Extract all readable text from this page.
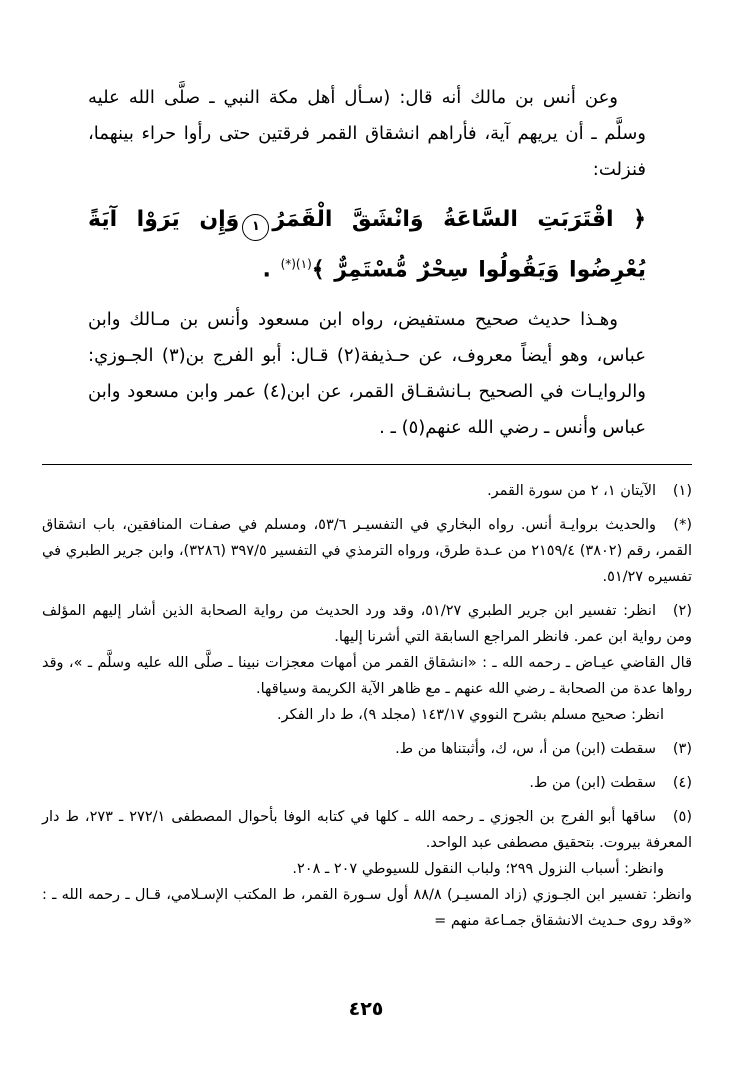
وعن أنس بن مالك أنه قال: (سـأل أهل مكة النبي ـ صلَّى الله عليه وسلَّم ـ أن يريهم آية، فأراهم انشقاق القمر فرقتين حتى رأوا حراء بينهما، فنزلت:

﴿ اقْتَرَبَتِ السَّاعَةُ وَانْشَقَّ الْقَمَرُ١وَإِن يَرَوْا آيَةً يُعْرِضُوا وَيَقُولُوا سِحْرٌ مُّسْتَمِرٌّ ﴾$^{(١)(*)}$ .

وهـذا حديث صحيح مستفيض، رواه ابن مسعود وأنس بن مـالك وابن عباس، وهو أيضاً معروف، عن حـذيفة(٢) قـال: أبو الفرج بن(٣) الجـوزي: والروايـات في الصحيح بـانشقـاق القمر، عن ابن(٤) عمر وابن مسعود وابن عباس وأنس ـ رضي الله عنهم(٥) ـ .

(١)الآيتان ١، ٢ من سورة القمر.

(*)والحديث بروايـة أنس. رواه البخاري في التفسيـر ٥٣/٦، ومسلم في صفـات المنافقين، باب انشقاق القمر، رقم (٣٨٠٢) ٢١٥٩/٤ من عـدة طرق، ورواه الترمذي في التفسير ٣٩٧/٥ (٣٢٨٦)، وابن جرير الطبري في تفسيره ٥١/٢٧.

(٢)انظر: تفسير ابن جرير الطبري ٥١/٢٧، وقد ورد الحديث من رواية الصحابة الذين أشار إليهم المؤلف ومن رواية ابن عمر. فانظر المراجع السابقة التي أشرنا إليها.

قال القاضي عيـاض ـ رحمه الله ـ : «انشقاق القمر من أمهات معجزات نبينا ـ صلَّى الله عليه وسلَّم ـ »، وقد رواها عدة من الصحابة ـ رضي الله عنهم ـ مع ظاهر الآية الكريمة وسياقها.

انظر: صحيح مسلم بشرح النووي ١٤٣/١٧ (مجلد ٩)، ط دار الفكر.

(٣)سقطت (ابن) من أ، س، ك، وأثبتناها من ط.

(٤)سقطت (ابن) من ط.

(٥)ساقها أبو الفرج بن الجوزي ـ رحمه الله ـ كلها في كتابه الوفا بأحوال المصطفى ٢٧٢/١ ـ ٢٧٣، ط دار المعرفة بيروت. بتحقيق مصطفى عبد الواحد.

وانظر: أسباب النزول ٢٩٩؛ ولباب النقول للسيوطي ٢٠٧ ـ ٢٠٨.

وانظر: تفسير ابن الجـوزي (زاد المسيـر) ٨٨/٨ أول سـورة القمر، ط المكتب الإسـلامي، قـال ـ رحمه الله ـ : «وقد روى حـديث الانشقاق جمـاعة منهم =

٤٢٥
